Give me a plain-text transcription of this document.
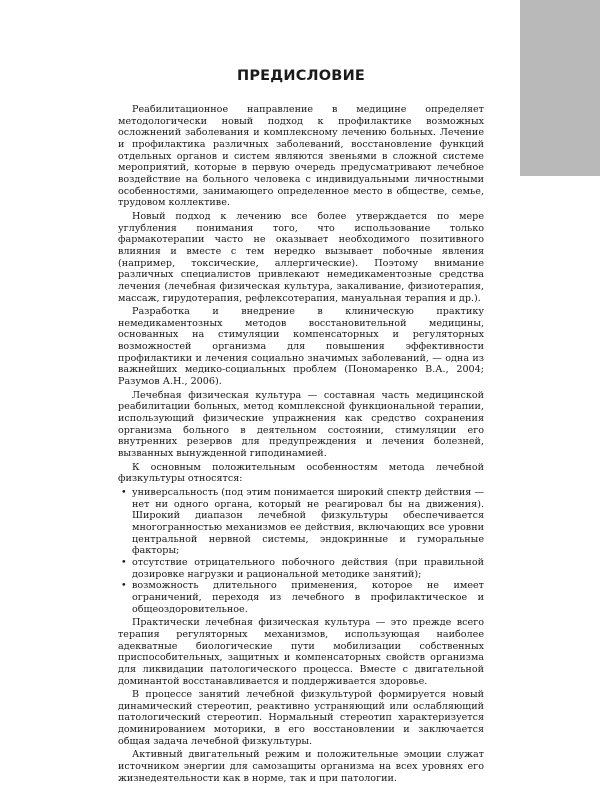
ПРЕДИСЛОВИЕ

Реабилитационное направление в медицине определяет методологически новый подход к профилактике возможных осложнений заболевания и комплексному лечению больных. Лечение и профилактика различных заболеваний, восстановление функций отдельных органов и систем являются звеньями в сложной системе мероприятий, которые в первую очередь предусматривают лечебное воздействие на больного человека с индивидуальными личностными особенностями, занимающего определенное место в обществе, семье, трудовом коллективе.

Новый подход к лечению все более утверждается по мере углубления понимания того, что использование только фармакотерапии часто не оказывает необходимого позитивного влияния и вместе с тем нередко вызывает побочные явления (например, токсические, аллергические). Поэтому внимание различных специалистов привлекают немедикаментозные средства лечения (лечебная физическая культура, закаливание, физиотерапия, массаж, гирудотерапия, рефлексотерапия, мануальная терапия и др.).

Разработка и внедрение в клиническую практику немедикаментозных методов восстановительной медицины, основанных на стимуляции компенсаторных и регуляторных возможностей организма для повышения эффективности профилактики и лечения социально значимых заболеваний, — одна из важнейших медико-социальных проблем (Пономаренко В.А., 2004; Разумов А.Н., 2006).

Лечебная физическая культура — составная часть медицинской реабилитации больных, метод комплексной функциональной терапии, использующий физические упражнения как средство сохранения организма больного в деятельном состоянии, стимуляции его внутренних резервов для предупреждения и лечения болезней, вызванных вынужденной гиподинамией.

К основным положительным особенностям метода лечебной физкультуры относятся:

• универсальность (под этим понимается широкий спектр действия — нет ни одного органа, который не реагировал бы на движения). Широкий диапазон лечебной физкультуры обеспечивается многогранностью механизмов ее действия, включающих все уровни центральной нервной системы, эндокринные и гуморальные факторы;
• отсутствие отрицательного побочного действия (при правильной дозировке нагрузки и рациональной методике занятий);
• возможность длительного применения, которое не имеет ограничений, переходя из лечебного в профилактическое и общеоздоровительное.

Практически лечебная физическая культура — это прежде всего терапия регуляторных механизмов, использующая наиболее адекватные биологические пути мобилизации собственных приспособительных, защитных и компенсаторных свойств организма для ликвидации патологического процесса. Вместе с двигательной доминантой восстанавливается и поддерживается здоровье.

В процессе занятий лечебной физкультурой формируется новый динамический стереотип, реактивно устраняющий или ослабляющий патологический стереотип. Нормальный стереотип характеризуется доминированием моторики, в его восстановлении и заключается общая задача лечебной физкультуры.

Активный двигательный режим и положительные эмоции служат источником энергии для самозащиты организма на всех уровнях его жизнедеятельности как в норме, так и при патологии.
